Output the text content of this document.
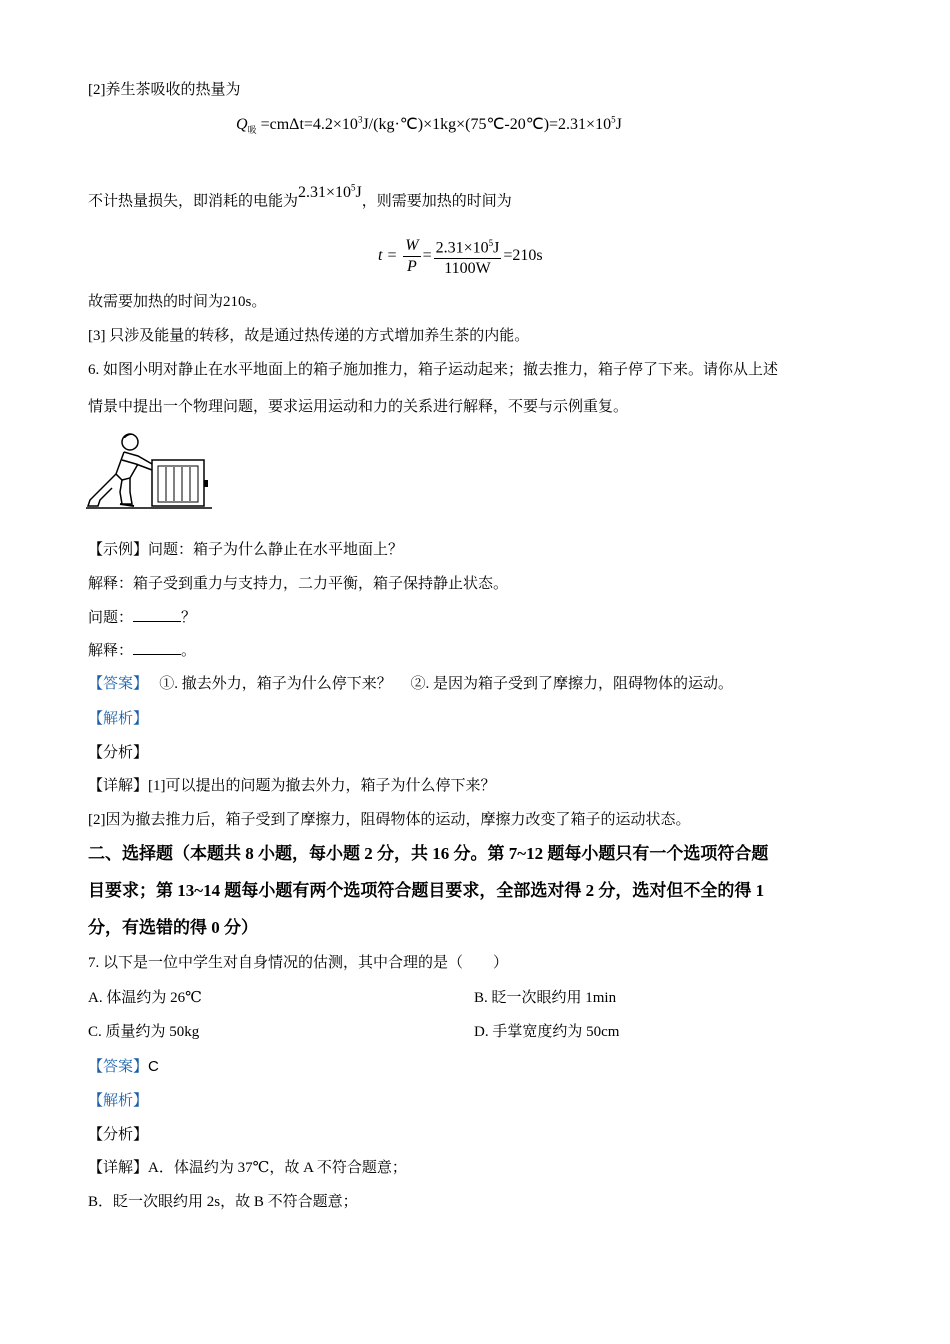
[2]养生茶吸收的热量为
$Q_吸$ $=cm\Delta t=4.2\times 10^3J/(kg\cdot℃)\times 1kg\times(75℃-20℃)=2.31\times 10^5J$
不计热量损失，即消耗的电能为$2.31\times 10^5J$，则需要加热的时间为
$t = \frac{W}{P} = \frac{2.31\times 10^5J}{1100W} =210s$
故需要加热的时间为210s。
[3] 只涉及能量的转移，故是通过热传递的方式增加养生茶的内能。
6. 如图小明对静止在水平地面上的箱子施加推力，箱子运动起来；撤去推力，箱子停了下来。请你从上述
情景中提出一个物理问题，要求运用运动和力的关系进行解释，不要与示例重复。
【示例】问题：箱子为什么静止在水平地面上？
解释：箱子受到重力与支持力，二力平衡，箱子保持静止状态。
问题：	？
解释：	。
【答案】　 ①. 撤去外力，箱子为什么停下来？　 ②. 是因为箱子受到了摩擦力，阻碍物体的运动。
【解析】
【分析】
【详解】[1]可以提出的问题为撤去外力，箱子为什么停下来？
[2]因为撤去推力后，箱子受到了摩擦力，阻碍物体的运动，摩擦力改变了箱子的运动状态。
二、选择题（本题共 8 小题，每小题 2 分，共 16 分。第 7~12 题每小题只有一个选项符合题
目要求；第 13~14 题每小题有两个选项符合题目要求，全部选对得 2 分，选对但不全的得 1
分，有选错的得 0 分）
7. 以下是一位中学生对自身情况的估测，其中合理的是（　　）
A. 体温约为 26℃	B. 眨一次眼约用 1min
C. 质量约为 50kg	D. 手掌宽度约为 50cm
【答案】C
【解析】
【分析】
【详解】A．体温约为 37℃，故 A 不符合题意；
B．眨一次眼约用 2s，故 B 不符合题意；
